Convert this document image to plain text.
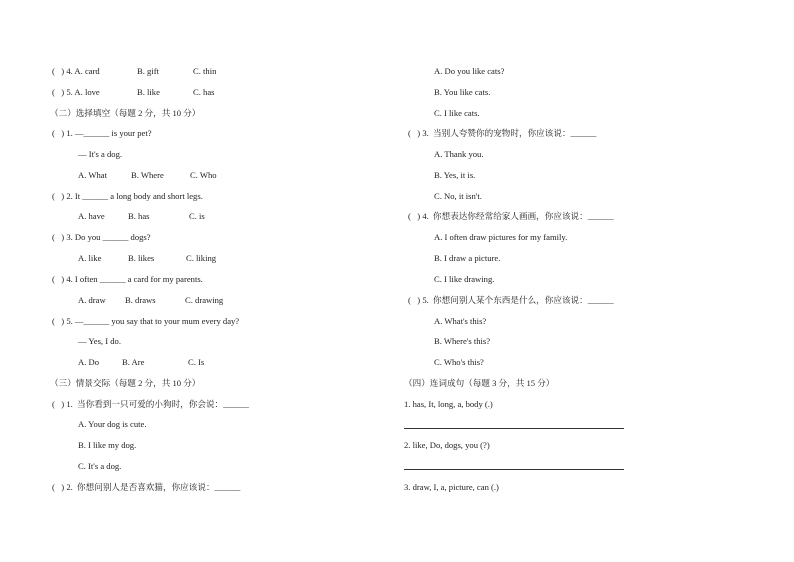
(   ) 4. A. card	B. gift	C. thin
(   ) 5. A. love	B. like	C. has
（二）选择填空（每题 2 分，共 10 分）
(   ) 1. —______ is your pet?
— It's a dog.
A. What	B. Where	C. Who
(   ) 2. It ______ a long body and short legs.
A. have	B. has	C. is
(   ) 3. Do you ______ dogs?
A. like	B. likes	C. liking
(   ) 4. I often ______ a card for my parents.
A. draw B. draws	C. drawing
(   ) 5. —______ you say that to your mum every day?
— Yes, I do.
A. Do	B. Are	C. Is
（三）情景交际（每题 2 分，共 10 分）
(   ) 1.  当你看到一只可爱的小狗时，你会说：______
A. Your dog is cute.
B. I like my dog.
C. It's a dog.
(   ) 2.  你想问别人是否喜欢猫，你应该说：______
A. Do you like cats?
B. You like cats.
C. I like cats.
(   ) 3.  当别人夸赞你的宠物时，你应该说：______
A. Thank you.
B. Yes, it is.
C. No, it isn't.
(   ) 4.  你想表达你经常给家人画画，你应该说：______
A. I often draw pictures for my family.
B. I draw a picture.
C. I like drawing.
(   ) 5.  你想问别人某个东西是什么，你应该说：______
A. What's this?
B. Where's this?
C. Who's this?
（四）连词成句（每题 3 分，共 15 分）
1. has, It, long, a, body (.)
2. like, Do, dogs, you (?)
3. draw, I, a, picture, can (.)
